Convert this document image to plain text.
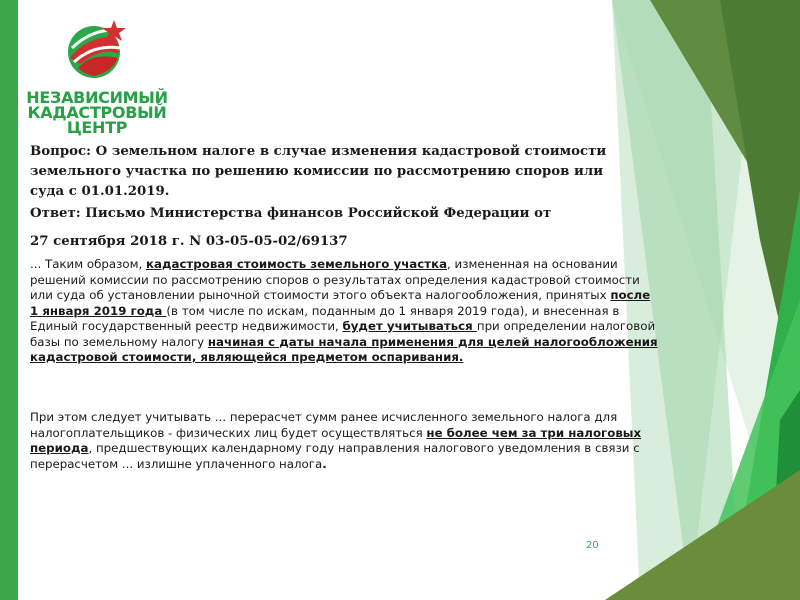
НЕЗАВИСИМЫЙ
КАДАСТРОВЫЙ
ЦЕНТР
Вопрос: О земельном налоге в случае изменения кадастровой стоимости земельного участка по решению комиссии по рассмотрению споров или суда с 01.01.2019.
Ответ: Письмо Министерства финансов Российской Федерации от
27 сентября 2018 г. N 03-05-05-02/69137
... Таким образом, кадастровая стоимость земельного участка, измененная на основании решений комиссии по рассмотрению споров о результатах определения кадастровой стоимости или суда об установлении рыночной стоимости этого объекта налогообложения, принятых после 1 января 2019 года (в том числе по искам, поданным до 1 января 2019 года), и внесенная в Единый государственный реестр недвижимости, будет учитываться при определении налоговой базы по земельному налогу начиная с даты начала применения для целей налогообложения кадастровой стоимости, являющейся предметом оспаривания.
При этом следует учитывать ... перерасчет сумм ранее исчисленного земельного налога для налогоплательщиков - физических лиц будет осуществляться не более чем за три налоговых периода, предшествующих календарному году направления налогового уведомления в связи с перерасчетом ... излишне уплаченного налога.
20
